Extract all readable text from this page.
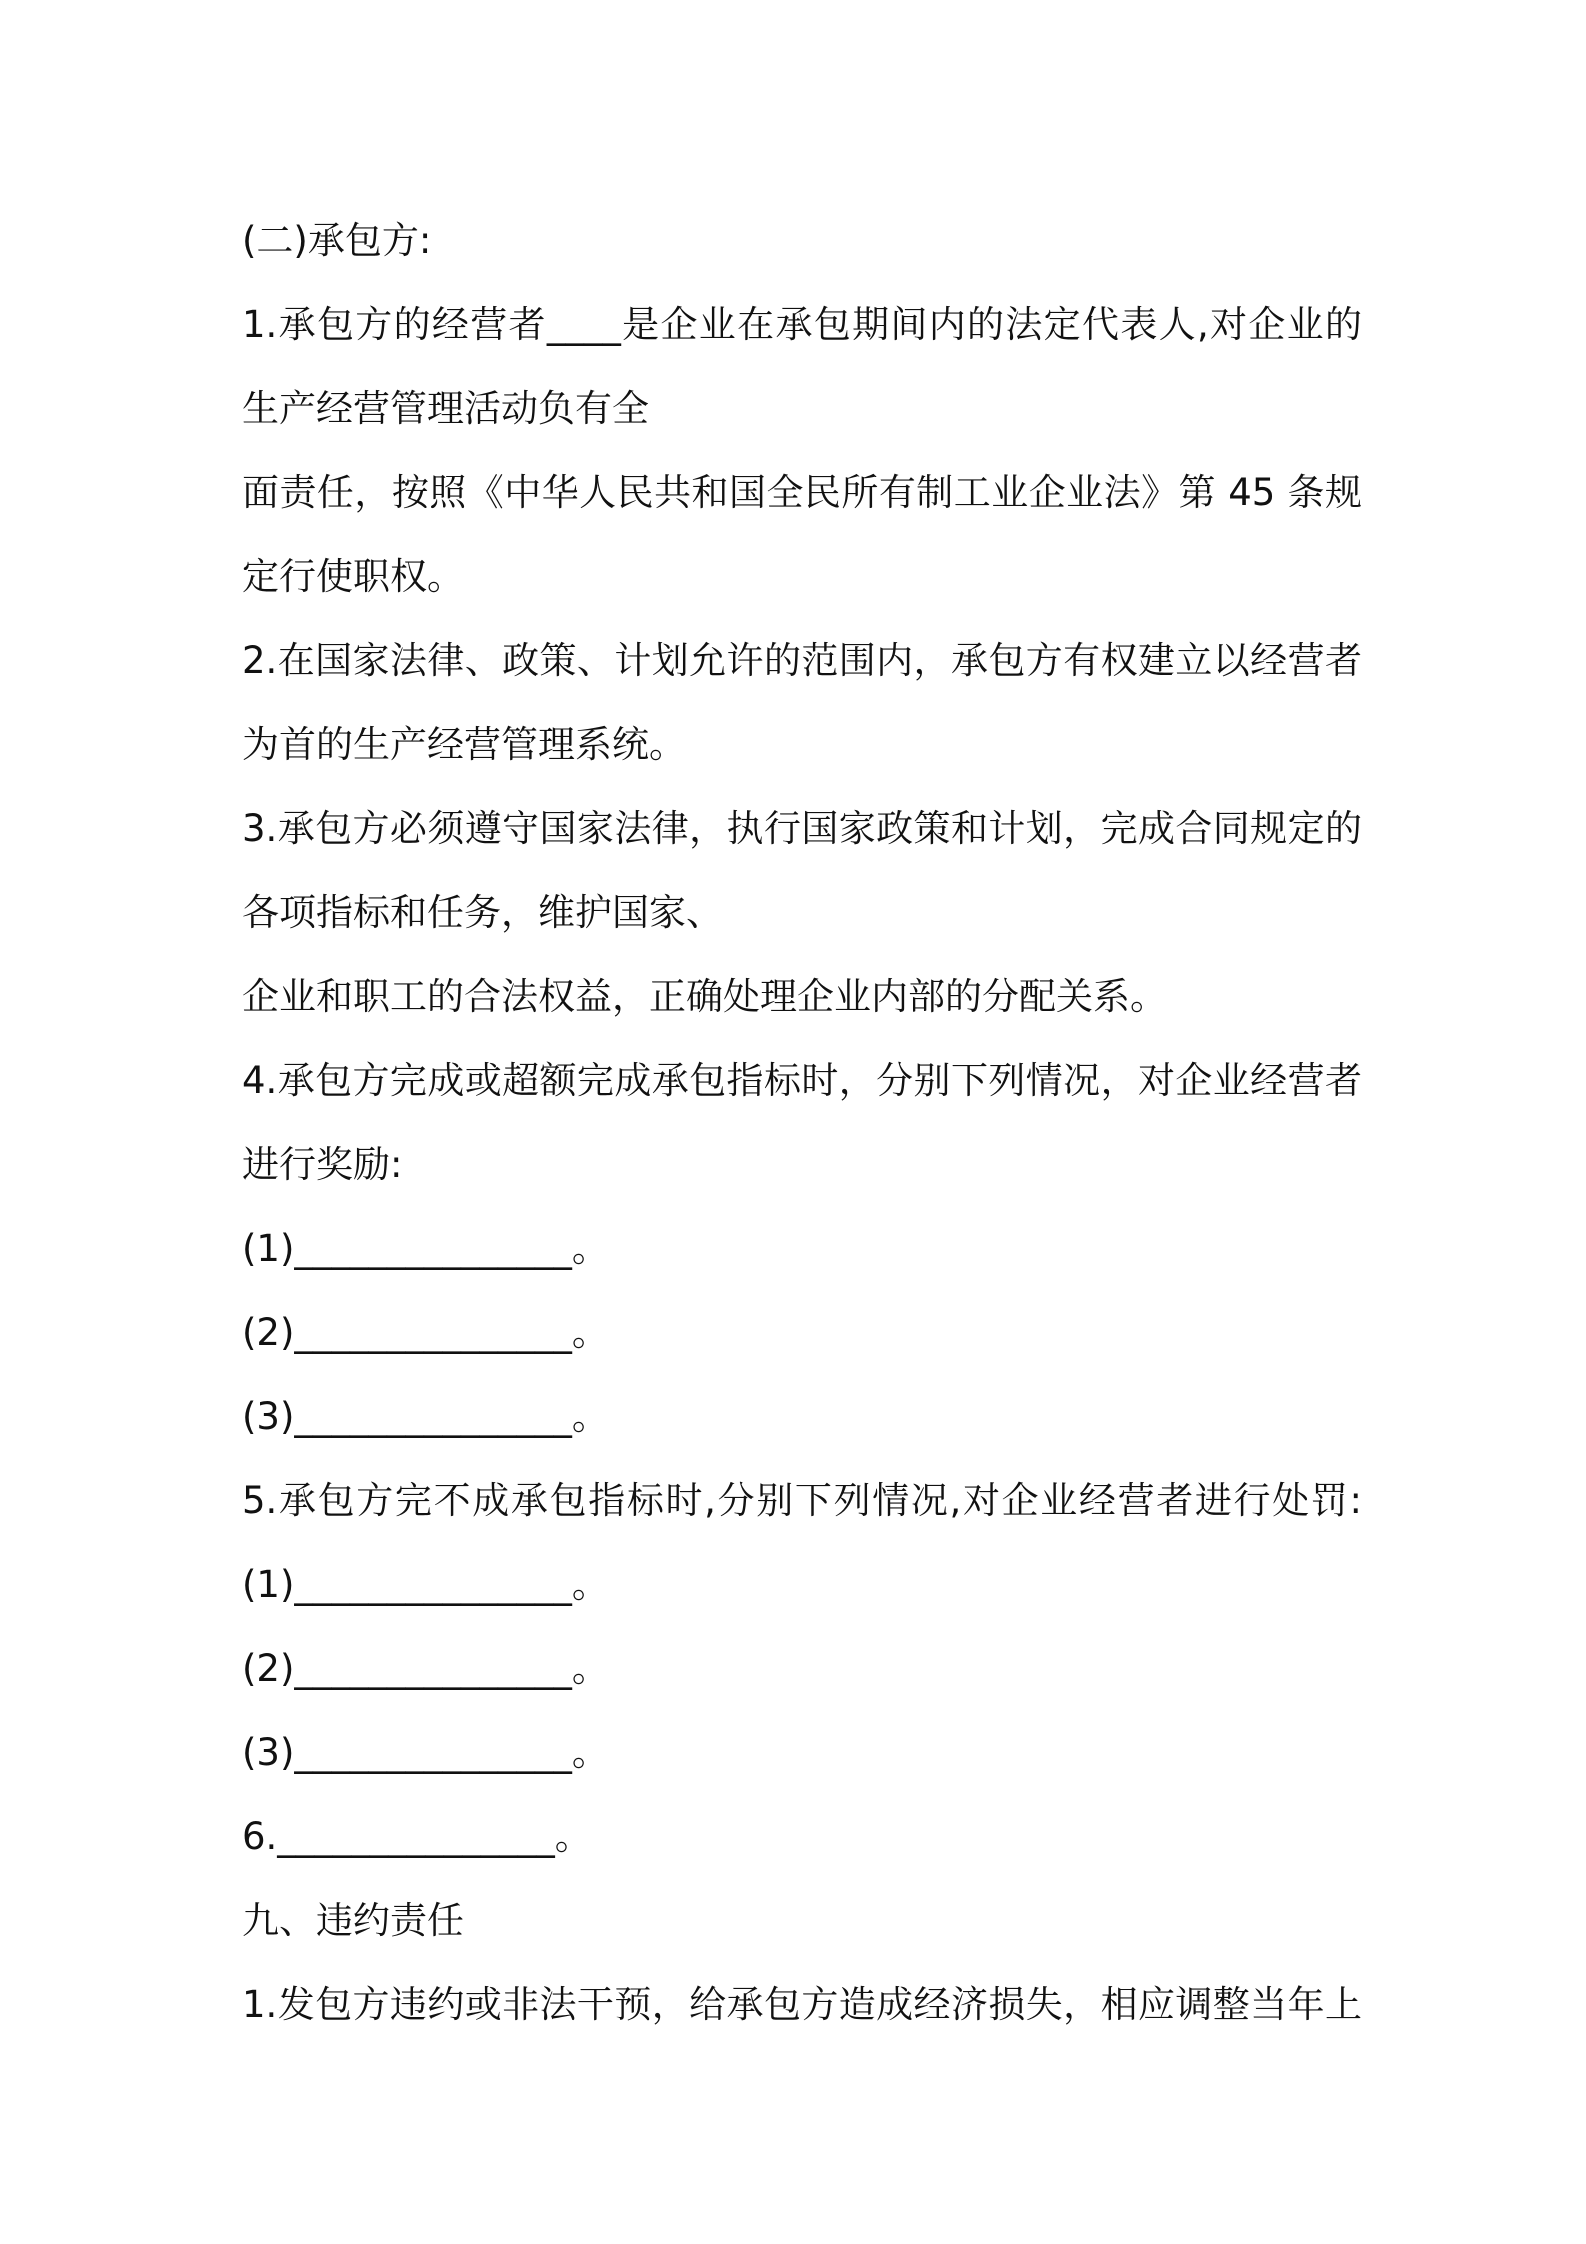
(二)承包方:
1.承包方的经营者____是企业在承包期间内的法定代表人,对企业的
生产经营管理活动负有全
面责任，按照《中华人民共和国全民所有制工业企业法》第 45 条规
定行使职权。
2.在国家法律、政策、计划允许的范围内，承包方有权建立以经营者
为首的生产经营管理系统。
3.承包方必须遵守国家法律，执行国家政策和计划，完成合同规定的
各项指标和任务，维护国家、
企业和职工的合法权益，正确处理企业内部的分配关系。
4.承包方完成或超额完成承包指标时，分别下列情况，对企业经营者
进行奖励:
(1)_______________。
(2)_______________。
(3)_______________。
5.承包方完不成承包指标时,分别下列情况,对企业经营者进行处罚:
(1)_______________。
(2)_______________。
(3)_______________。
6._______________。
九、违约责任
1.发包方违约或非法干预，给承包方造成经济损失，相应调整当年上
